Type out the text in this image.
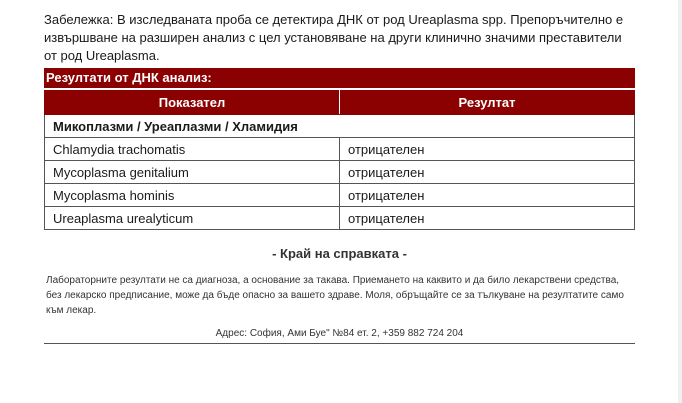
Забележка: В изследваната проба се детектира ДНК от род Ureaplasma spp. Препоръчително е извършване на разширен анализ с цел установяване на други клинично значими преставители от род Ureaplasma.
Резултати от ДНК анализ:
Показател	Резултат
Микоплазми / Уреаплазми / Хламидия	
Chlamydia trachomatis	отрицателен
Mycoplasma genitalium	отрицателен
Mycoplasma hominis	отрицателен
Ureaplasma urealyticum	отрицателен
- Край на справката -
Лабораторните резултати не са диагноза, а основание за такава. Приемането на каквито и да било лекарствени средства, без лекарско предписание, може да бъде опасно за вашето здраве. Моля, обръщайте се за тълкуване на резултатите само към лекар.
Адрес: София, Ами Буе" №84 ет. 2, +359 882 724 204
